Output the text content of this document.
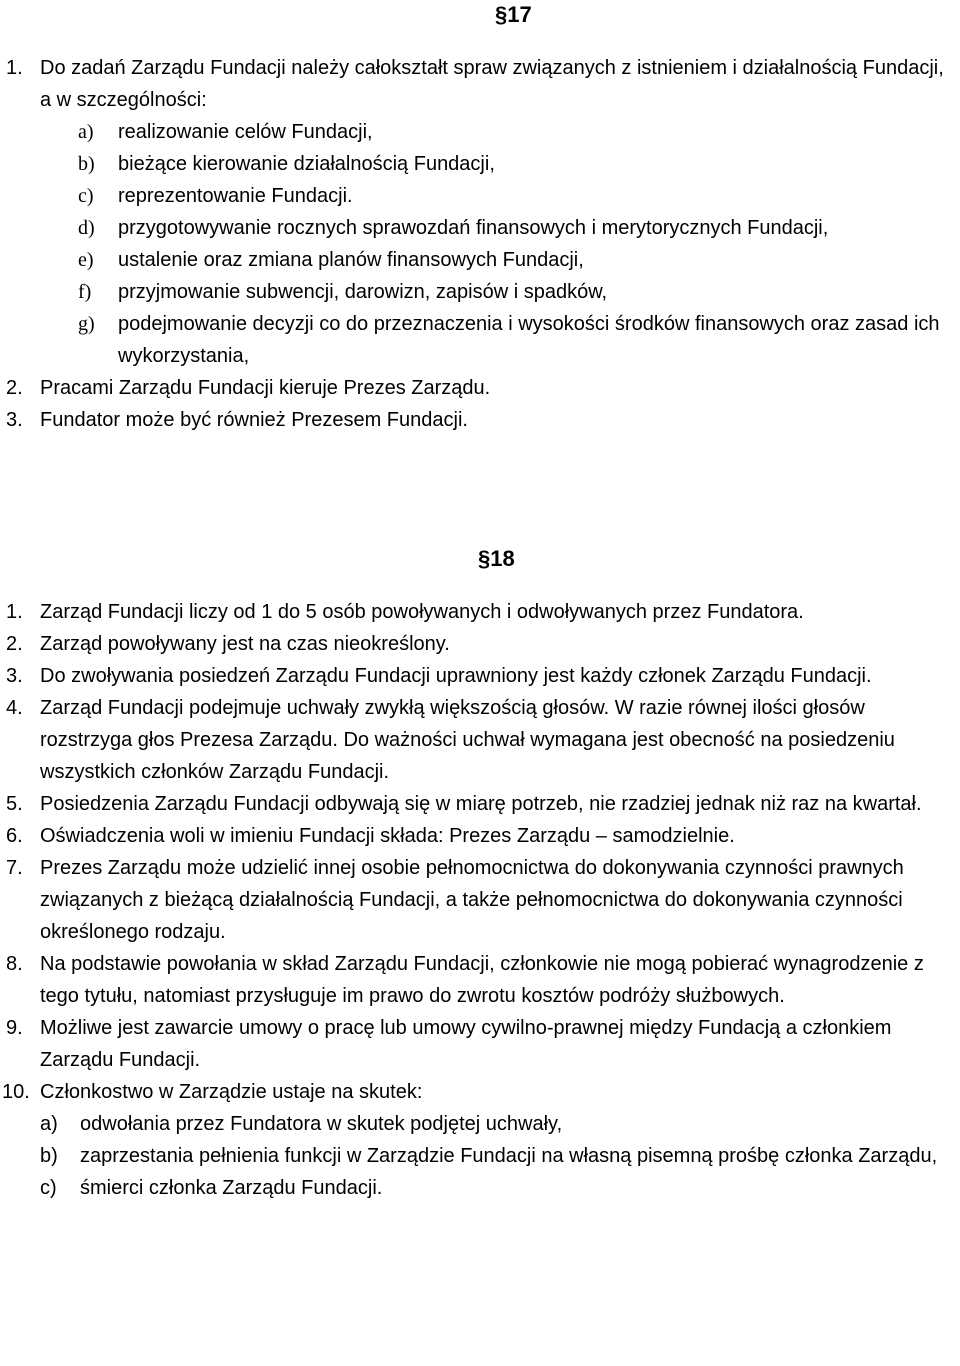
§17
1. Do zadań Zarządu Fundacji należy całokształt spraw związanych z istnieniem i działalnością Fundacji, a w szczególności:
a) realizowanie celów Fundacji,
b) bieżące kierowanie działalnością Fundacji,
c) reprezentowanie Fundacji.
d) przygotowywanie rocznych sprawozdań finansowych i merytorycznych Fundacji,
e) ustalenie oraz zmiana planów finansowych Fundacji,
f) przyjmowanie subwencji, darowizn, zapisów i spadków,
g) podejmowanie decyzji co do przeznaczenia i wysokości środków finansowych oraz zasad ich wykorzystania,
2. Pracami Zarządu Fundacji kieruje Prezes Zarządu.
3. Fundator może być również Prezesem Fundacji.
§18
1. Zarząd Fundacji liczy od 1 do 5 osób powoływanych i odwoływanych przez Fundatora.
2. Zarząd powoływany jest na czas nieokreślony.
3. Do zwoływania posiedzeń Zarządu Fundacji uprawniony jest każdy członek Zarządu Fundacji.
4. Zarząd Fundacji podejmuje uchwały zwykłą większością głosów. W razie równej ilości głosów rozstrzyga głos Prezesa Zarządu. Do ważności uchwał wymagana jest obecność na posiedzeniu wszystkich członków Zarządu Fundacji.
5. Posiedzenia Zarządu Fundacji odbywają się w miarę potrzeb, nie rzadziej jednak niż raz na kwartał.
6. Oświadczenia woli w imieniu Fundacji składa: Prezes Zarządu – samodzielnie.
7. Prezes Zarządu może udzielić innej osobie pełnomocnictwa do dokonywania czynności prawnych związanych z bieżącą działalnością Fundacji, a także pełnomocnictwa do dokonywania czynności określonego rodzaju.
8. Na podstawie powołania w skład Zarządu Fundacji, członkowie nie mogą pobierać wynagrodzenie z tego tytułu, natomiast przysługuje im prawo do zwrotu kosztów podróży służbowych.
9. Możliwe jest zawarcie umowy o pracę lub umowy cywilno-prawnej między Fundacją a członkiem Zarządu Fundacji.
10. Członkostwo w Zarządzie ustaje na skutek:
a) odwołania przez Fundatora w skutek podjętej uchwały,
b) zaprzestania pełnienia funkcji w Zarządzie Fundacji na własną pisemną prośbę członka Zarządu,
c) śmierci członka Zarządu Fundacji.
